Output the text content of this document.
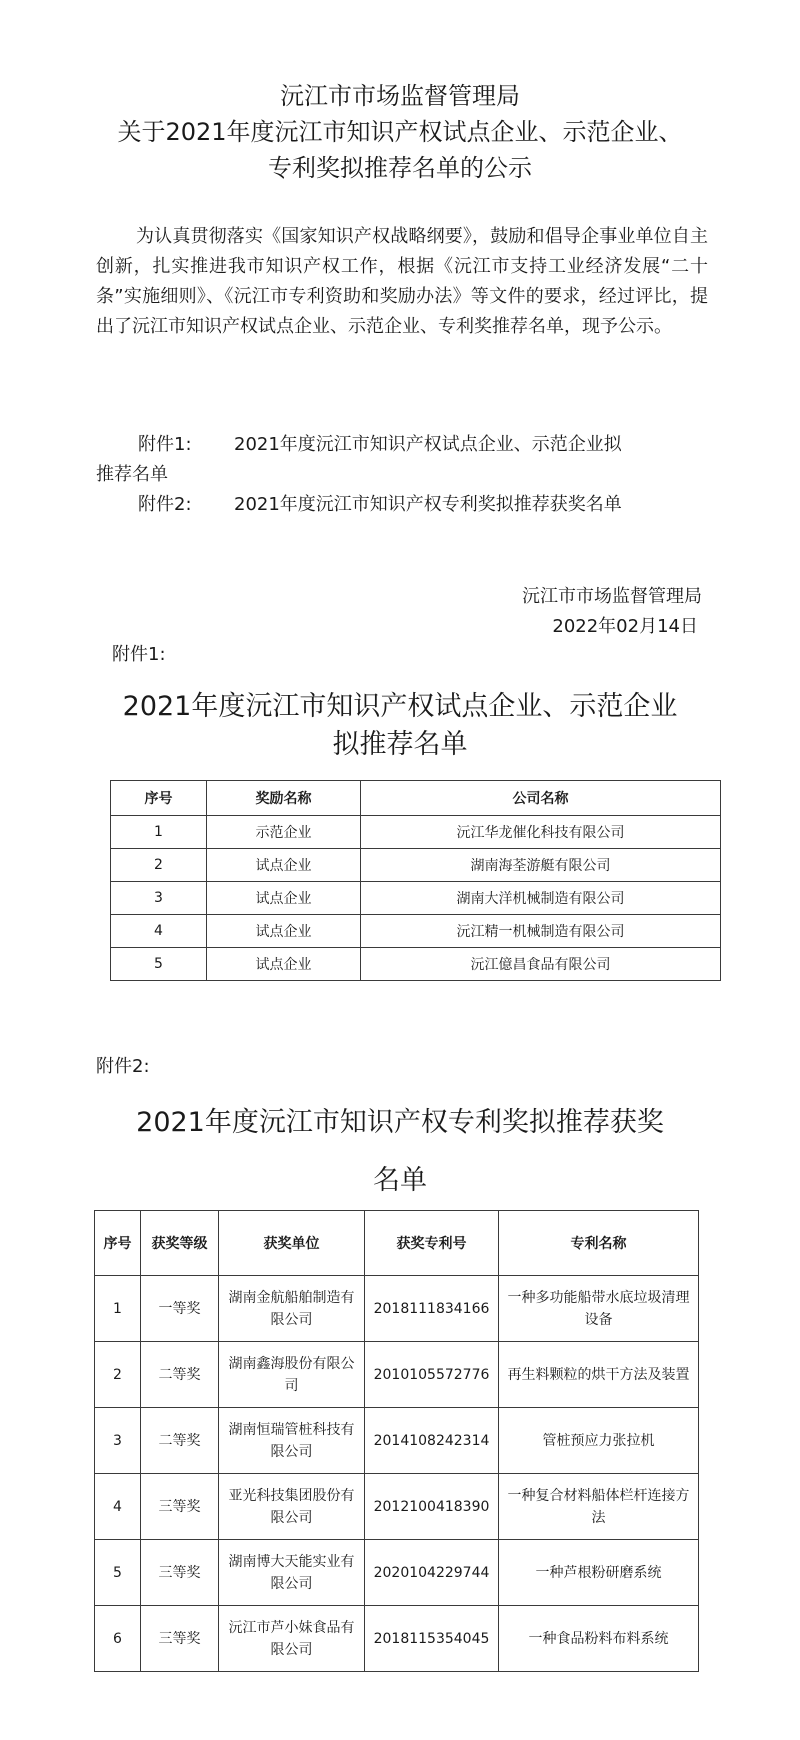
沅江市市场监督管理局
关于2021年度沅江市知识产权试点企业、示范企业、
专利奖拟推荐名单的公示
为认真贯彻落实《国家知识产权战略纲要》，鼓励和倡导企事业单位自主创新，扎实推进我市知识产权工作，根据《沅江市支持工业经济发展“二十条”实施细则》、《沅江市专利资助和奖励办法》等文件的要求，经过评比，提出了沅江市知识产权试点企业、示范企业、专利奖推荐名单，现予公示。
附件1: 2021年度沅江市知识产权试点企业、示范企业拟
推荐名单
附件2: 2021年度沅江市知识产权专利奖拟推荐获奖名单
沅江市市场监督管理局
2022年02月14日
附件1:
2021年度沅江市知识产权试点企业、示范企业
拟推荐名单
序号	奖励名称	公司名称
1	示范企业	沅江华龙催化科技有限公司
2	试点企业	湖南海荃游艇有限公司
3	试点企业	湖南大洋机械制造有限公司
4	试点企业	沅江精一机械制造有限公司
5	试点企业	沅江億昌食品有限公司
附件2:
2021年度沅江市知识产权专利奖拟推荐获奖
名单
序号	获奖等级	获奖单位	获奖专利号	专利名称
1	一等奖	湖南金航船舶制造有限公司	2018111834166	一种多功能船带水底垃圾清理设备
2	二等奖	湖南鑫海股份有限公司	2010105572776	再生料颗粒的烘干方法及装置
3	二等奖	湖南恒瑞管桩科技有限公司	2014108242314	管桩预应力张拉机
4	三等奖	亚光科技集团股份有限公司	2012100418390	一种复合材料船体栏杆连接方法
5	三等奖	湖南博大天能实业有限公司	2020104229744	一种芦根粉研磨系统
6	三等奖	沅江市芦小妹食品有限公司	2018115354045	一种食品粉料布料系统
